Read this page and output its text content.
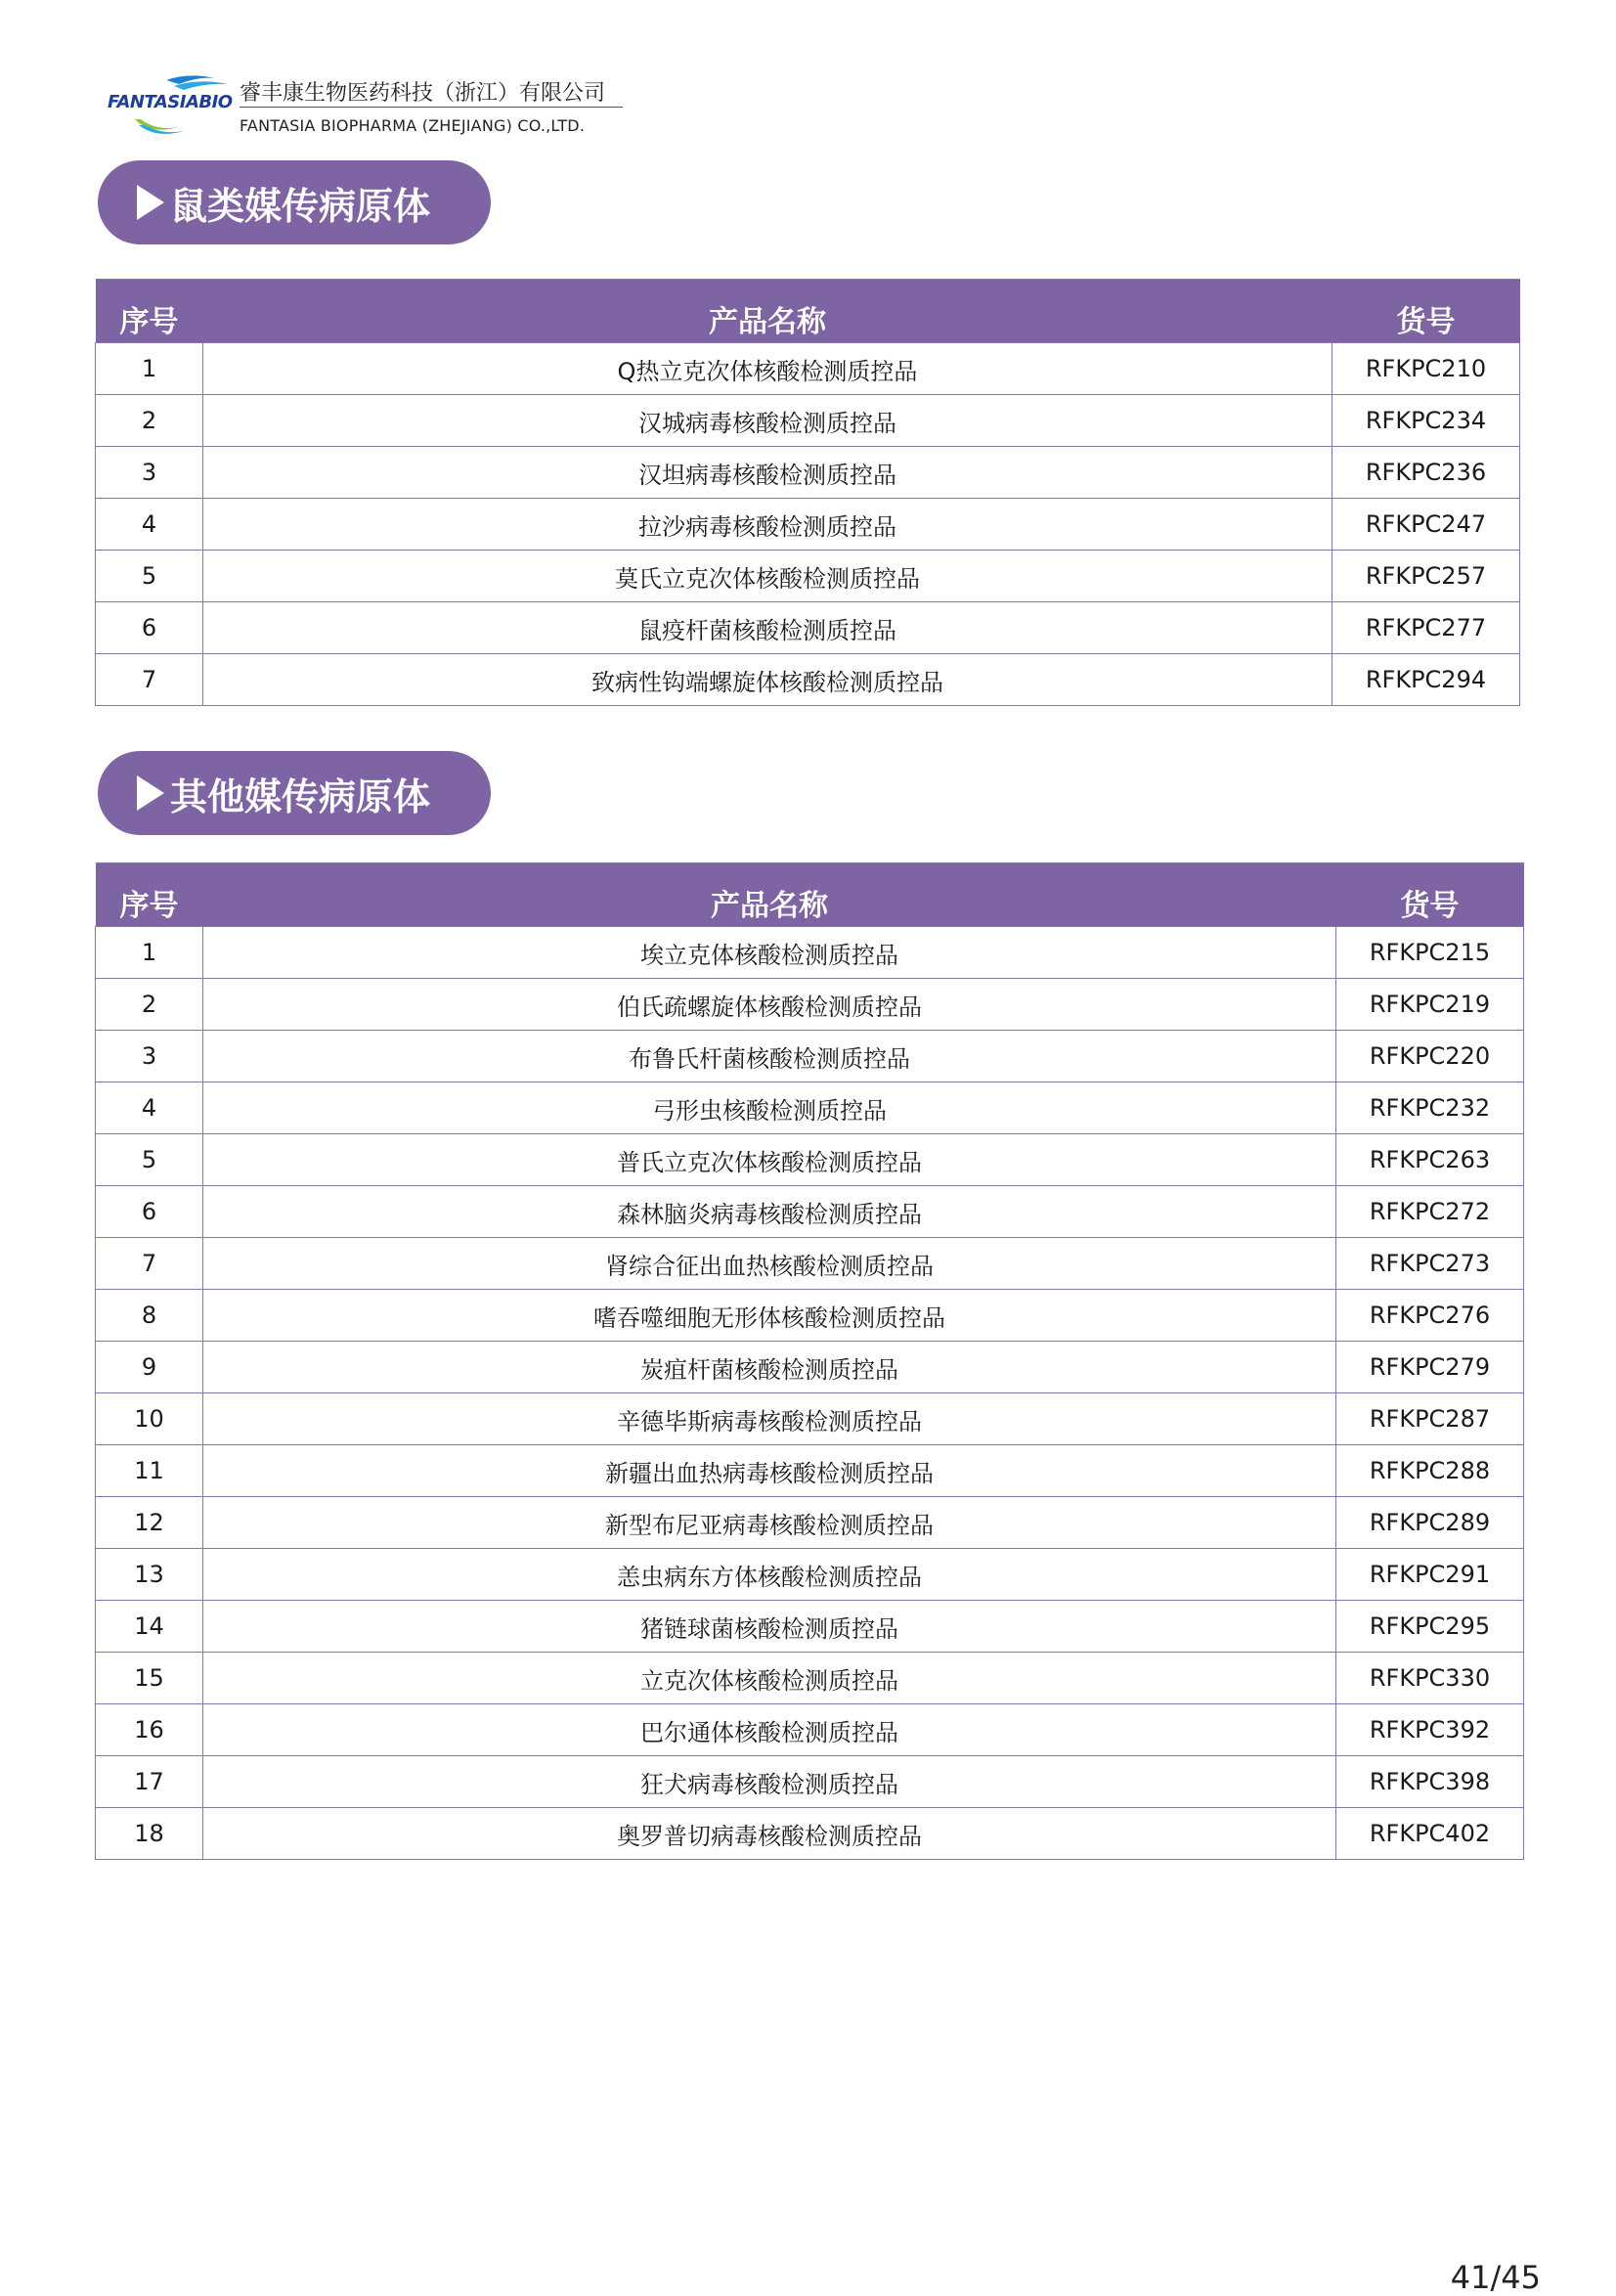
FANTASIABIO 睿丰康生物医药科技（浙江）有限公司
FANTASIA BIOPHARMA (ZHEJIANG) CO.,LTD.
鼠类媒传病原体
序号	产品名称	货号
1	Q热立克次体核酸检测质控品	RFKPC210
2	汉城病毒核酸检测质控品	RFKPC234
3	汉坦病毒核酸检测质控品	RFKPC236
4	拉沙病毒核酸检测质控品	RFKPC247
5	莫氏立克次体核酸检测质控品	RFKPC257
6	鼠疫杆菌核酸检测质控品	RFKPC277
7	致病性钩端螺旋体核酸检测质控品	RFKPC294
其他媒传病原体
序号	产品名称	货号
1	埃立克体核酸检测质控品	RFKPC215
2	伯氏疏螺旋体核酸检测质控品	RFKPC219
3	布鲁氏杆菌核酸检测质控品	RFKPC220
4	弓形虫核酸检测质控品	RFKPC232
5	普氏立克次体核酸检测质控品	RFKPC263
6	森林脑炎病毒核酸检测质控品	RFKPC272
7	肾综合征出血热核酸检测质控品	RFKPC273
8	嗜吞噬细胞无形体核酸检测质控品	RFKPC276
9	炭疽杆菌核酸检测质控品	RFKPC279
10	辛德毕斯病毒核酸检测质控品	RFKPC287
11	新疆出血热病毒核酸检测质控品	RFKPC288
12	新型布尼亚病毒核酸检测质控品	RFKPC289
13	恙虫病东方体核酸检测质控品	RFKPC291
14	猪链球菌核酸检测质控品	RFKPC295
15	立克次体核酸检测质控品	RFKPC330
16	巴尔通体核酸检测质控品	RFKPC392
17	狂犬病毒核酸检测质控品	RFKPC398
18	奥罗普切病毒核酸检测质控品	RFKPC402
41/45
